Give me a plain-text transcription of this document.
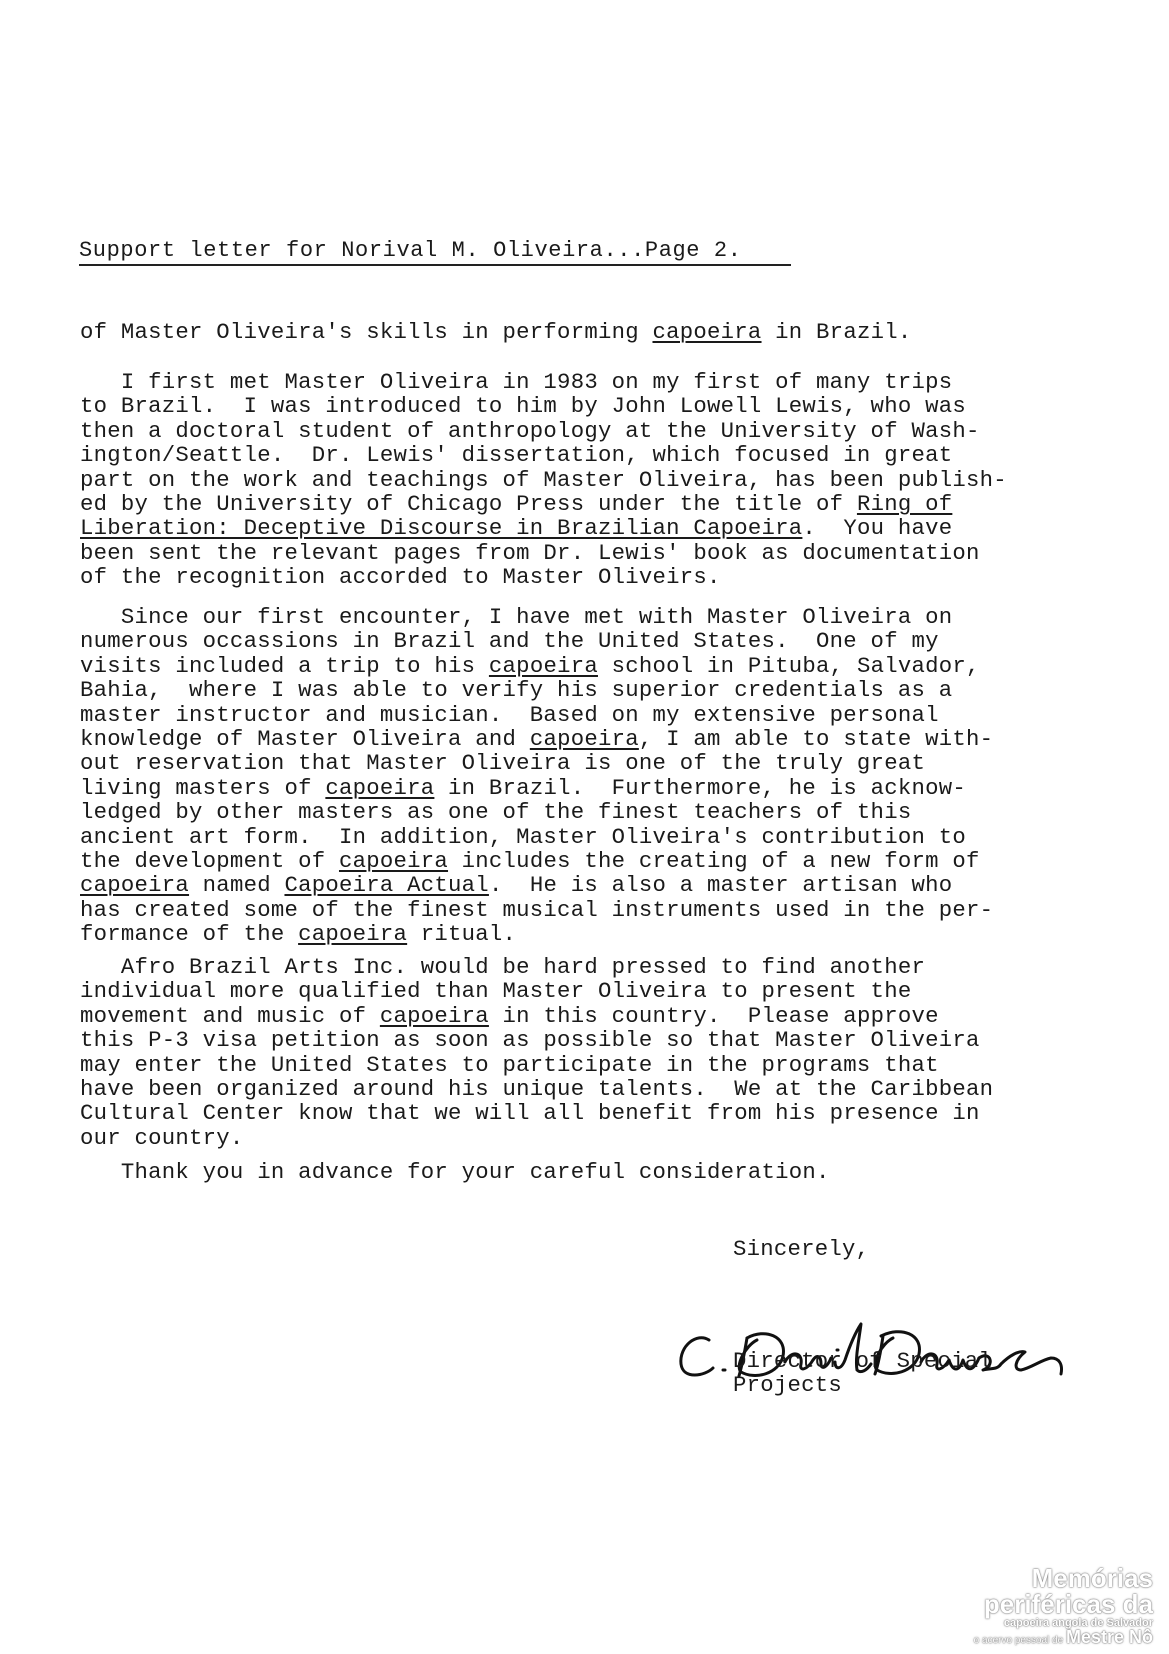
Support letter for Norival M. Oliveira...Page 2.
of Master Oliveira's skills in performing capoeira in Brazil.
I first met Master Oliveira in 1983 on my first of many trips
to Brazil.  I was introduced to him by John Lowell Lewis, who was
then a doctoral student of anthropology at the University of Wash-
ington/Seattle.  Dr. Lewis' dissertation, which focused in great
part on the work and teachings of Master Oliveira, has been publish-
ed by the University of Chicago Press under the title of Ring of
Liberation: Deceptive Discourse in Brazilian Capoeira.  You have
been sent the relevant pages from Dr. Lewis' book as documentation
of the recognition accorded to Master Oliveirs.
Since our first encounter, I have met with Master Oliveira on
numerous occassions in Brazil and the United States.  One of my
visits included a trip to his capoeira school in Pituba, Salvador,
Bahia,  where I was able to verify his superior credentials as a
master instructor and musician.  Based on my extensive personal
knowledge of Master Oliveira and capoeira, I am able to state with-
out reservation that Master Oliveira is one of the truly great
living masters of capoeira in Brazil.  Furthermore, he is acknow-
ledged by other masters as one of the finest teachers of this
ancient art form.  In addition, Master Oliveira's contribution to
the development of capoeira includes the creating of a new form of
capoeira named Capoeira Actual.  He is also a master artisan who
has created some of the finest musical instruments used in the per-
formance of the capoeira ritual.
Afro Brazil Arts Inc. would be hard pressed to find another
individual more qualified than Master Oliveira to present the
movement and music of capoeira in this country.  Please approve
this P-3 visa petition as soon as possible so that Master Oliveira
may enter the United States to participate in the programs that
have been organized around his unique talents.  We at the Caribbean
Cultural Center know that we will all benefit from his presence in
our country.
Thank you in advance for your careful consideration.
Sincerely,
Director of Special
Projects
Memórias
periféricas da
capoeira angola de Salvador
o acervo pessoal de Mestre Nô
